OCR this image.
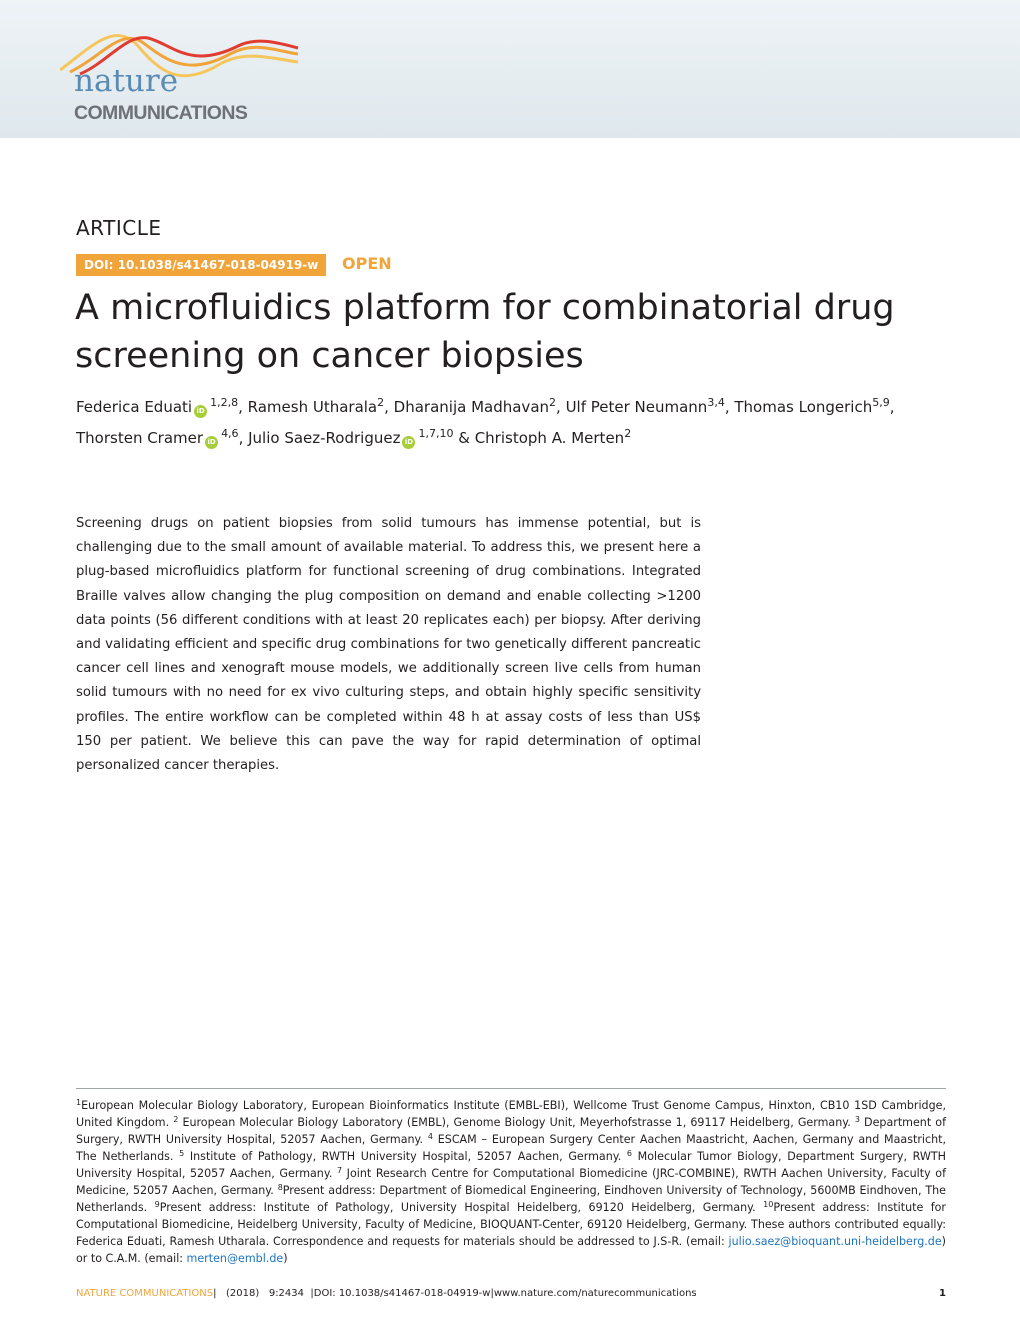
nature
COMMUNICATIONS
ARTICLE
DOI: 10.1038/s41467-018-04919-w	OPEN
A microfluidics platform for combinatorial drug screening on cancer biopsies
Federica Eduati iD$^{1,2,8}$, Ramesh Utharala$^2$, Dharanija Madhavan$^2$, Ulf Peter Neumann$^{3,4}$, Thomas Longerich$^{5,9}$, Thorsten Cramer iD$^{4,6}$, Julio Saez-Rodriguez iD$^{1,7,10}$ & Christoph A. Merten$^2$

Screening drugs on patient biopsies from solid tumours has immense potential, but is challenging due to the small amount of available material. To address this, we present here a plug-based microfluidics platform for functional screening of drug combinations. Integrated Braille valves allow changing the plug composition on demand and enable collecting >1200 data points (56 different conditions with at least 20 replicates each) per biopsy. After deriving and validating efficient and specific drug combinations for two genetically different pancreatic cancer cell lines and xenograft mouse models, we additionally screen live cells from human solid tumours with no need for ex vivo culturing steps, and obtain highly specific sensitivity profiles. The entire workflow can be completed within 48 h at assay costs of less than US$ 150 per patient. We believe this can pave the way for rapid determination of optimal personalized cancer therapies.

$^1$European Molecular Biology Laboratory, European Bioinformatics Institute (EMBL-EBI), Wellcome Trust Genome Campus, Hinxton, CB10 1SD Cambridge, United Kingdom. $^2$ European Molecular Biology Laboratory (EMBL), Genome Biology Unit, Meyerhofstrasse 1, 69117 Heidelberg, Germany. $^3$ Department of Surgery, RWTH University Hospital, 52057 Aachen, Germany. $^4$ ESCAM – European Surgery Center Aachen Maastricht, Aachen, Germany and Maastricht, The Netherlands. $^5$ Institute of Pathology, RWTH University Hospital, 52057 Aachen, Germany. $^6$ Molecular Tumor Biology, Department Surgery, RWTH University Hospital, 52057 Aachen, Germany. $^7$ Joint Research Centre for Computational Biomedicine (JRC-COMBINE), RWTH Aachen University, Faculty of Medicine, 52057 Aachen, Germany. $^8$Present address: Department of Biomedical Engineering, Eindhoven University of Technology, 5600MB Eindhoven, The Netherlands. $^9$Present address: Institute of Pathology, University Hospital Heidelberg, 69120 Heidelberg, Germany. $^{10}$Present address: Institute for Computational Biomedicine, Heidelberg University, Faculty of Medicine, BIOQUANT-Center, 69120 Heidelberg, Germany. These authors contributed equally: Federica Eduati, Ramesh Utharala. Correspondence and requests for materials should be addressed to J.S-R. (email: julio.saez@bioquant.uni-heidelberg.de) or to C.A.M. (email: merten@embl.de)

NATURE COMMUNICATIONS| (2018) 9:2434 |DOI: 10.1038/s41467-018-04919-w|www.nature.com/naturecommunications	1
